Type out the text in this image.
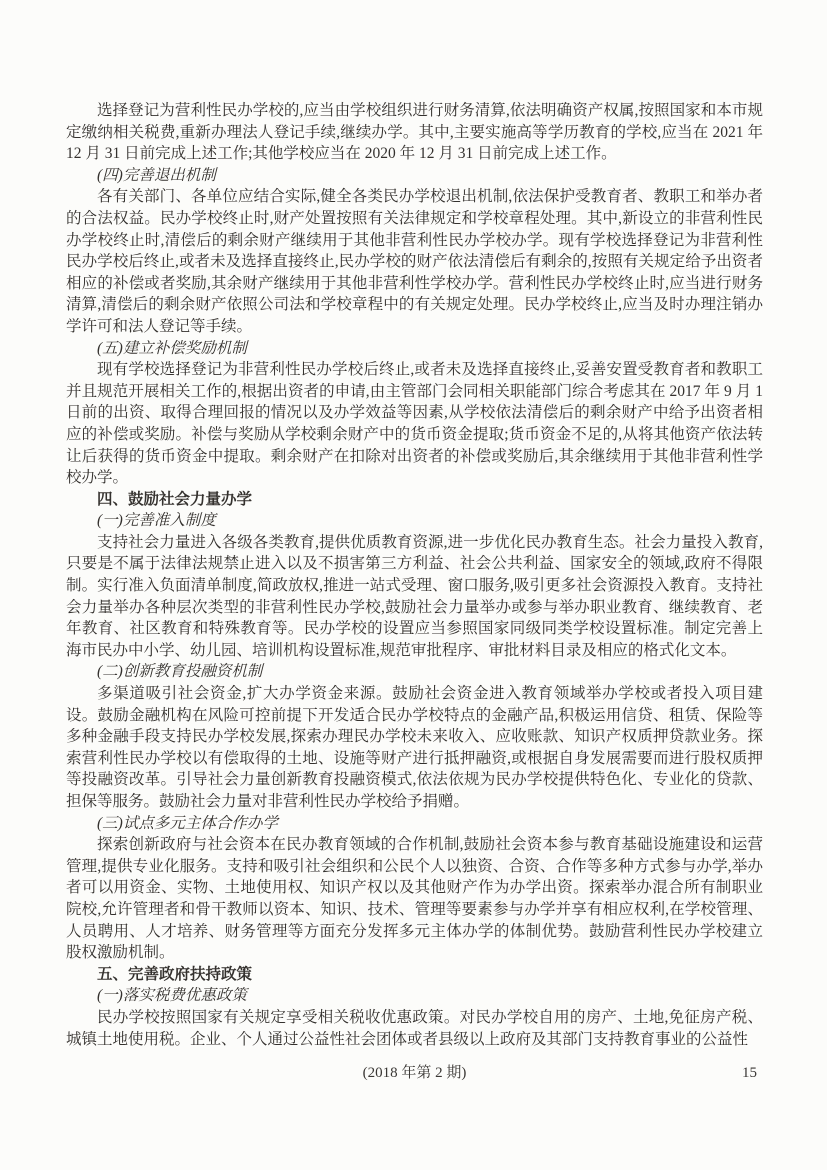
选择登记为营利性民办学校的,应当由学校组织进行财务清算,依法明确资产权属,按照国家和本市规定缴纳相关税费,重新办理法人登记手续,继续办学。其中,主要实施高等学历教育的学校,应当在 2021 年 12 月 31 日前完成上述工作;其他学校应当在 2020 年 12 月 31 日前完成上述工作。

(四)完善退出机制

各有关部门、各单位应结合实际,健全各类民办学校退出机制,依法保护受教育者、教职工和举办者的合法权益。民办学校终止时,财产处置按照有关法律规定和学校章程处理。其中,新设立的非营利性民办学校终止时,清偿后的剩余财产继续用于其他非营利性民办学校办学。现有学校选择登记为非营利性民办学校后终止,或者未及选择直接终止,民办学校的财产依法清偿后有剩余的,按照有关规定给予出资者相应的补偿或者奖励,其余财产继续用于其他非营利性学校办学。营利性民办学校终止时,应当进行财务清算,清偿后的剩余财产依照公司法和学校章程中的有关规定处理。民办学校终止,应当及时办理注销办学许可和法人登记等手续。

(五)建立补偿奖励机制

现有学校选择登记为非营利性民办学校后终止,或者未及选择直接终止,妥善安置受教育者和教职工并且规范开展相关工作的,根据出资者的申请,由主管部门会同相关职能部门综合考虑其在 2017 年 9 月 1 日前的出资、取得合理回报的情况以及办学效益等因素,从学校依法清偿后的剩余财产中给予出资者相应的补偿或奖励。补偿与奖励从学校剩余财产中的货币资金提取;货币资金不足的,从将其他资产依法转让后获得的货币资金中提取。剩余财产在扣除对出资者的补偿或奖励后,其余继续用于其他非营利性学校办学。

四、鼓励社会力量办学

(一)完善准入制度

支持社会力量进入各级各类教育,提供优质教育资源,进一步优化民办教育生态。社会力量投入教育,只要是不属于法律法规禁止进入以及不损害第三方利益、社会公共利益、国家安全的领域,政府不得限制。实行准入负面清单制度,简政放权,推进一站式受理、窗口服务,吸引更多社会资源投入教育。支持社会力量举办各种层次类型的非营利性民办学校,鼓励社会力量举办或参与举办职业教育、继续教育、老年教育、社区教育和特殊教育等。民办学校的设置应当参照国家同级同类学校设置标准。制定完善上海市民办中小学、幼儿园、培训机构设置标准,规范审批程序、审批材料目录及相应的格式化文本。

(二)创新教育投融资机制

多渠道吸引社会资金,扩大办学资金来源。鼓励社会资金进入教育领域举办学校或者投入项目建设。鼓励金融机构在风险可控前提下开发适合民办学校特点的金融产品,积极运用信贷、租赁、保险等多种金融手段支持民办学校发展,探索办理民办学校未来收入、应收账款、知识产权质押贷款业务。探索营利性民办学校以有偿取得的土地、设施等财产进行抵押融资,或根据自身发展需要而进行股权质押等投融资改革。引导社会力量创新教育投融资模式,依法依规为民办学校提供特色化、专业化的贷款、担保等服务。鼓励社会力量对非营利性民办学校给予捐赠。

(三)试点多元主体合作办学

探索创新政府与社会资本在民办教育领域的合作机制,鼓励社会资本参与教育基础设施建设和运营管理,提供专业化服务。支持和吸引社会组织和公民个人以独资、合资、合作等多种方式参与办学,举办者可以用资金、实物、土地使用权、知识产权以及其他财产作为办学出资。探索举办混合所有制职业院校,允许管理者和骨干教师以资本、知识、技术、管理等要素参与办学并享有相应权利,在学校管理、人员聘用、人才培养、财务管理等方面充分发挥多元主体办学的体制优势。鼓励营利性民办学校建立股权激励机制。

五、完善政府扶持政策

(一)落实税费优惠政策

民办学校按照国家有关规定享受相关税收优惠政策。对民办学校自用的房产、土地,免征房产税、城镇土地使用税。企业、个人通过公益性社会团体或者县级以上政府及其部门支持教育事业的公益性

(2018 年第 2 期)	15
